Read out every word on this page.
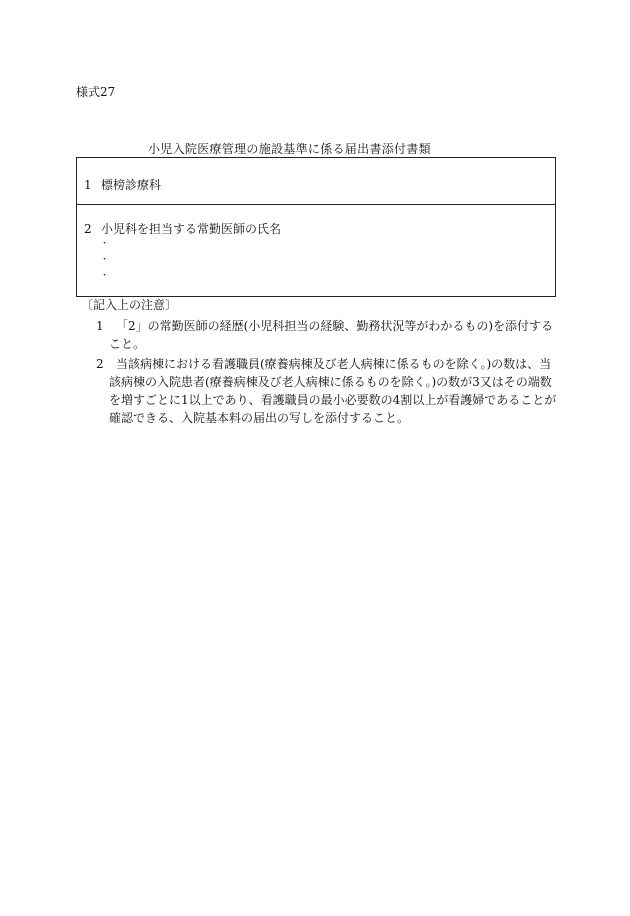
様式27
小児入院医療管理の施設基準に係る届出書添付書類
1 標榜診療科
2 小児科を担当する常勤医師の氏名
・
・
・
〔記入上の注意〕
1	「2」の常勤医師の経歴(小児科担当の経験、勤務状況等がわかるもの)を添付する
こと。
2	当該病棟における看護職員(療養病棟及び老人病棟に係るものを除く。)の数は、当
該病棟の入院患者(療養病棟及び老人病棟に係るものを除く。)の数が3又はその端数
を増すごとに1以上であり、看護職員の最小必要数の4割以上が看護婦であることが
確認できる、入院基本料の届出の写しを添付すること。
